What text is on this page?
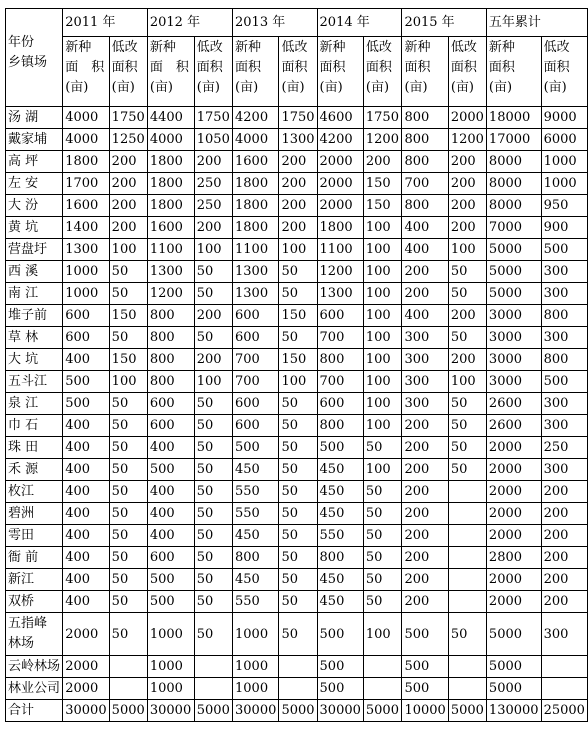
年份
乡镇场	2011 年		2012 年		2013 年		2014 年		2015 年		五年累计	
	新种
面　积
(亩)	低改
面积
(亩)	新种
面　积
(亩)	低改
面积
(亩)	新种
面积
(亩)	低改
面积
(亩)	新种
面积
(亩)	低改
面积
(亩)	新种
面积
(亩)	低改
面积
(亩)	新种
面积
(亩)	低改
面积
(亩)
汤 湖	4000	1750	4400	1750	4200	1750	4600	1750	800	2000	18000	9000
戴家埔	4000	1250	4000	1050	4000	1300	4200	1200	800	1200	17000	6000
高 坪	1800	200	1800	200	1600	200	2000	200	800	200	8000	1000
左 安	1700	200	1800	250	1800	200	2000	150	700	200	8000	1000
大 汾	1600	200	1800	250	1800	200	2000	150	800	200	8000	950
黄 坑	1400	200	1600	200	1800	200	1800	100	400	200	7000	900
营盘圩	1300	100	1100	100	1100	100	1100	100	400	100	5000	500
西 溪	1000	50	1300	50	1300	50	1200	100	200	50	5000	300
南 江	1000	50	1200	50	1300	50	1300	100	200	50	5000	300
堆子前	600	150	800	200	600	150	600	100	400	200	3000	800
草 林	600	50	800	50	600	50	700	100	300	50	3000	300
大 坑	400	150	800	200	700	150	800	100	300	200	3000	800
五斗江	500	100	800	100	700	100	700	100	300	100	3000	500
泉 江	500	50	600	50	600	50	600	100	300	50	2600	300
巾 石	400	50	600	50	600	50	800	100	200	50	2600	300
珠 田	400	50	400	50	500	50	500	50	200	50	2000	250
禾 源	400	50	500	50	450	50	450	100	200	50	2000	300
枚江	400	50	400	50	550	50	450	50	200		2000	200
碧洲	400	50	400	50	550	50	450	50	200		2000	200
雩田	400	50	400	50	450	50	550	50	200		2000	200
衙 前	400	50	600	50	800	50	800	50	200		2800	200
新江	400	50	500	50	450	50	450	50	200		2000	200
双桥	400	50	500	50	550	50	450	50	200		2000	200
五指峰
林场	2000	50	1000	50	1000	50	500	100	500	50	5000	300
云岭林场	2000		1000		1000		500		500		5000	
林业公司	2000		1000		1000		500		500		5000	
合计	30000	5000	30000	5000	30000	5000	30000	5000	10000	5000	130000	25000
